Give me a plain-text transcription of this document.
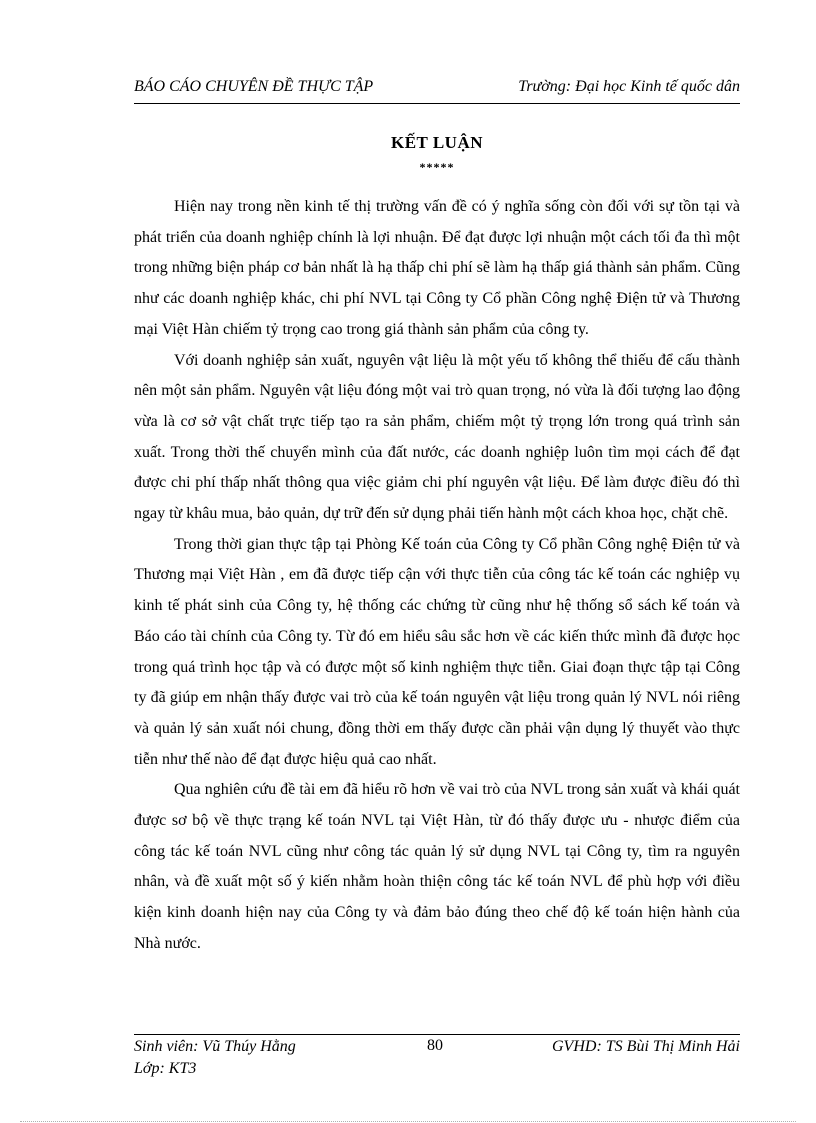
BÁO CÁO CHUYÊN ĐỀ THỰC TẬP	Trường: Đại học Kinh tế quốc dân
KẾT LUẬN
*****

Hiện nay trong nền kinh tế thị trường vấn đề có ý nghĩa sống còn đối với sự tồn tại và phát triển của doanh nghiệp chính là lợi nhuận. Để đạt được lợi nhuận một cách tối đa thì một trong những biện pháp cơ bản nhất là hạ thấp chi phí sẽ làm hạ thấp giá thành sản phẩm. Cũng như các doanh nghiệp khác, chi phí NVL tại Công ty Cổ phần Công nghệ Điện tử và Thương mại Việt Hàn chiếm tỷ trọng cao trong giá thành sản phẩm của công ty.

Với doanh nghiệp sản xuất, nguyên vật liệu là một yếu tố không thể thiếu để cấu thành nên một sản phẩm. Nguyên vật liệu đóng một vai trò quan trọng, nó vừa là đối tượng lao động vừa là cơ sở vật chất trực tiếp tạo ra sản phẩm, chiếm một tỷ trọng lớn trong quá trình sản xuất. Trong thời thế chuyển mình của đất nước, các doanh nghiệp luôn tìm mọi cách để đạt được chi phí thấp nhất thông qua việc giảm chi phí nguyên vật liệu. Để làm được điều đó thì ngay từ khâu mua, bảo quản, dự trữ đến sử dụng phải tiến hành một cách khoa học, chặt chẽ.

Trong thời gian thực tập tại Phòng Kế toán của Công ty Cổ phần Công nghệ Điện tử và Thương mại Việt Hàn , em đã được tiếp cận với thực tiễn của công tác kế toán các nghiệp vụ kinh tế phát sinh của Công ty, hệ thống các chứng từ cũng như hệ thống sổ sách kế toán và Báo cáo tài chính của Công ty. Từ đó em hiểu sâu sắc hơn về các kiến thức mình đã được học trong quá trình học tập và có được một số kinh nghiệm thực tiễn. Giai đoạn thực tập tại Công ty đã giúp em nhận thấy được vai trò của kế toán nguyên vật liệu trong quản lý NVL nói riêng và quản lý sản xuất nói chung, đồng thời em thấy được cần phải vận dụng lý thuyết vào thực tiễn như thế nào để đạt được hiệu quả cao nhất.

Qua nghiên cứu đề tài em đã hiểu rõ hơn về vai trò của NVL trong sản xuất và khái quát được sơ bộ về thực trạng kế toán NVL tại Việt Hàn, từ đó thấy được ưu - nhược điểm của công tác kế toán NVL cũng như công tác quản lý sử dụng NVL tại Công ty, tìm ra nguyên nhân, và đề xuất một số ý kiến nhằm hoàn thiện công tác kế toán NVL để phù hợp với điều kiện kinh doanh hiện nay của Công ty và đảm bảo đúng theo chế độ kế toán hiện hành của Nhà nước.

Sinh viên: Vũ Thúy Hằng
Lớp: KT3
80	GVHD: TS Bùi Thị Minh Hải
